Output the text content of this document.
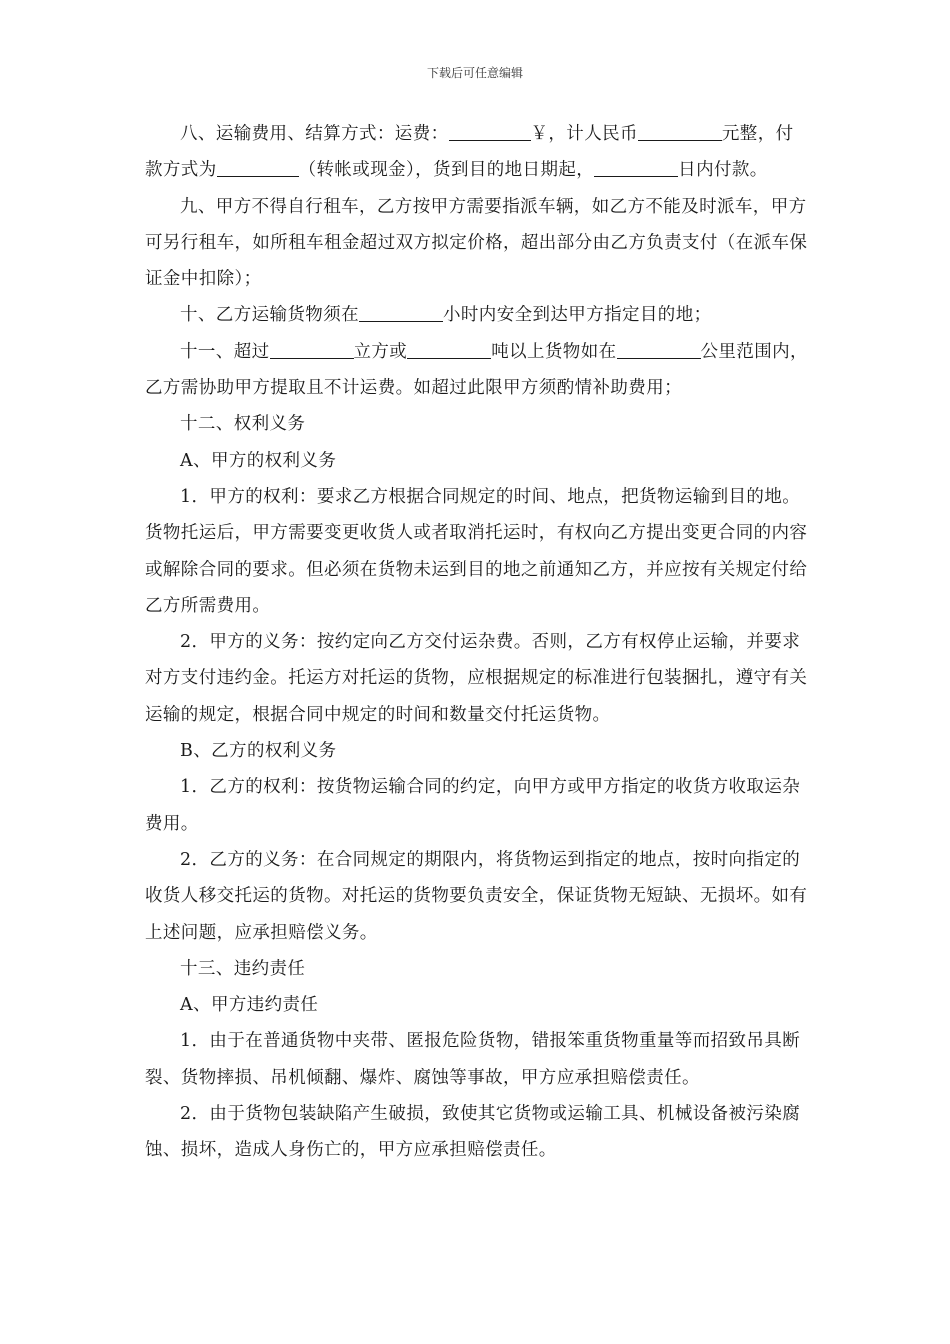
下载后可任意编辑

八、运输费用、结算方式：运费：	￥，计人民币	元整，付款方式为	（转帐或现金），货到目的地日期起，	日内付款。

九、甲方不得自行租车，乙方按甲方需要指派车辆，如乙方不能及时派车，甲方可另行租车，如所租车租金超过双方拟定价格，超出部分由乙方负责支付（在派车保证金中扣除）；

十、乙方运输货物须在	小时内安全到达甲方指定目的地；

十一、超过	立方或	吨以上货物如在	公里范围内，乙方需协助甲方提取且不计运费。如超过此限甲方须酌情补助费用；

十二、权利义务

A、甲方的权利义务

1．甲方的权利：要求乙方根据合同规定的时间、地点，把货物运输到目的地。货物托运后，甲方需要变更收货人或者取消托运时，有权向乙方提出变更合同的内容或解除合同的要求。但必须在货物未运到目的地之前通知乙方，并应按有关规定付给乙方所需费用。

2．甲方的义务：按约定向乙方交付运杂费。否则，乙方有权停止运输，并要求对方支付违约金。托运方对托运的货物，应根据规定的标准进行包装捆扎，遵守有关运输的规定，根据合同中规定的时间和数量交付托运货物。

B、乙方的权利义务

1．乙方的权利：按货物运输合同的约定，向甲方或甲方指定的收货方收取运杂费用。

2．乙方的义务：在合同规定的期限内，将货物运到指定的地点，按时向指定的收货人移交托运的货物。对托运的货物要负责安全，保证货物无短缺、无损坏。如有上述问题，应承担赔偿义务。

十三、违约责任

A、甲方违约责任

1．由于在普通货物中夹带、匿报危险货物，错报笨重货物重量等而招致吊具断裂、货物摔损、吊机倾翻、爆炸、腐蚀等事故，甲方应承担赔偿责任。

2．由于货物包装缺陷产生破损，致使其它货物或运输工具、机械设备被污染腐蚀、损坏，造成人身伤亡的，甲方应承担赔偿责任。
